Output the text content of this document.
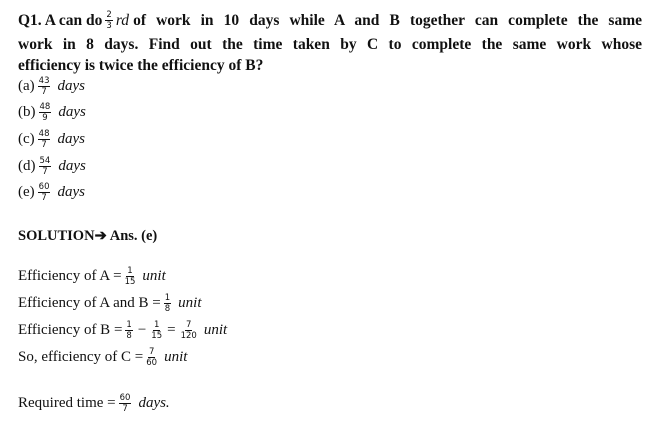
Q1. A can do $\frac{2}{3}$ rd of work in 10 days while A and B together can complete the same
work in 8 days. Find out the time taken by C to complete the same work whose
efficiency is twice the efficiency of B?
$(a) \frac{43}{7}$ days
$(b) \frac{48}{9}$ days
$(c) \frac{48}{7}$ days
$(d) \frac{54}{7}$ days
$(e) \frac{60}{7}$ days
SOLUTION ➔ Ans. (e)
Efficiency of $A = \frac{1}{15}$ unit
Efficiency of A and $B = \frac{1}{8}$ unit
Efficiency of $B = \frac{1}{8} - \frac{1}{15} = \frac{7}{120}$ unit
So, efficiency of $C = \frac{7}{60}$ unit
Required time = $\frac{60}{7}$ days.
